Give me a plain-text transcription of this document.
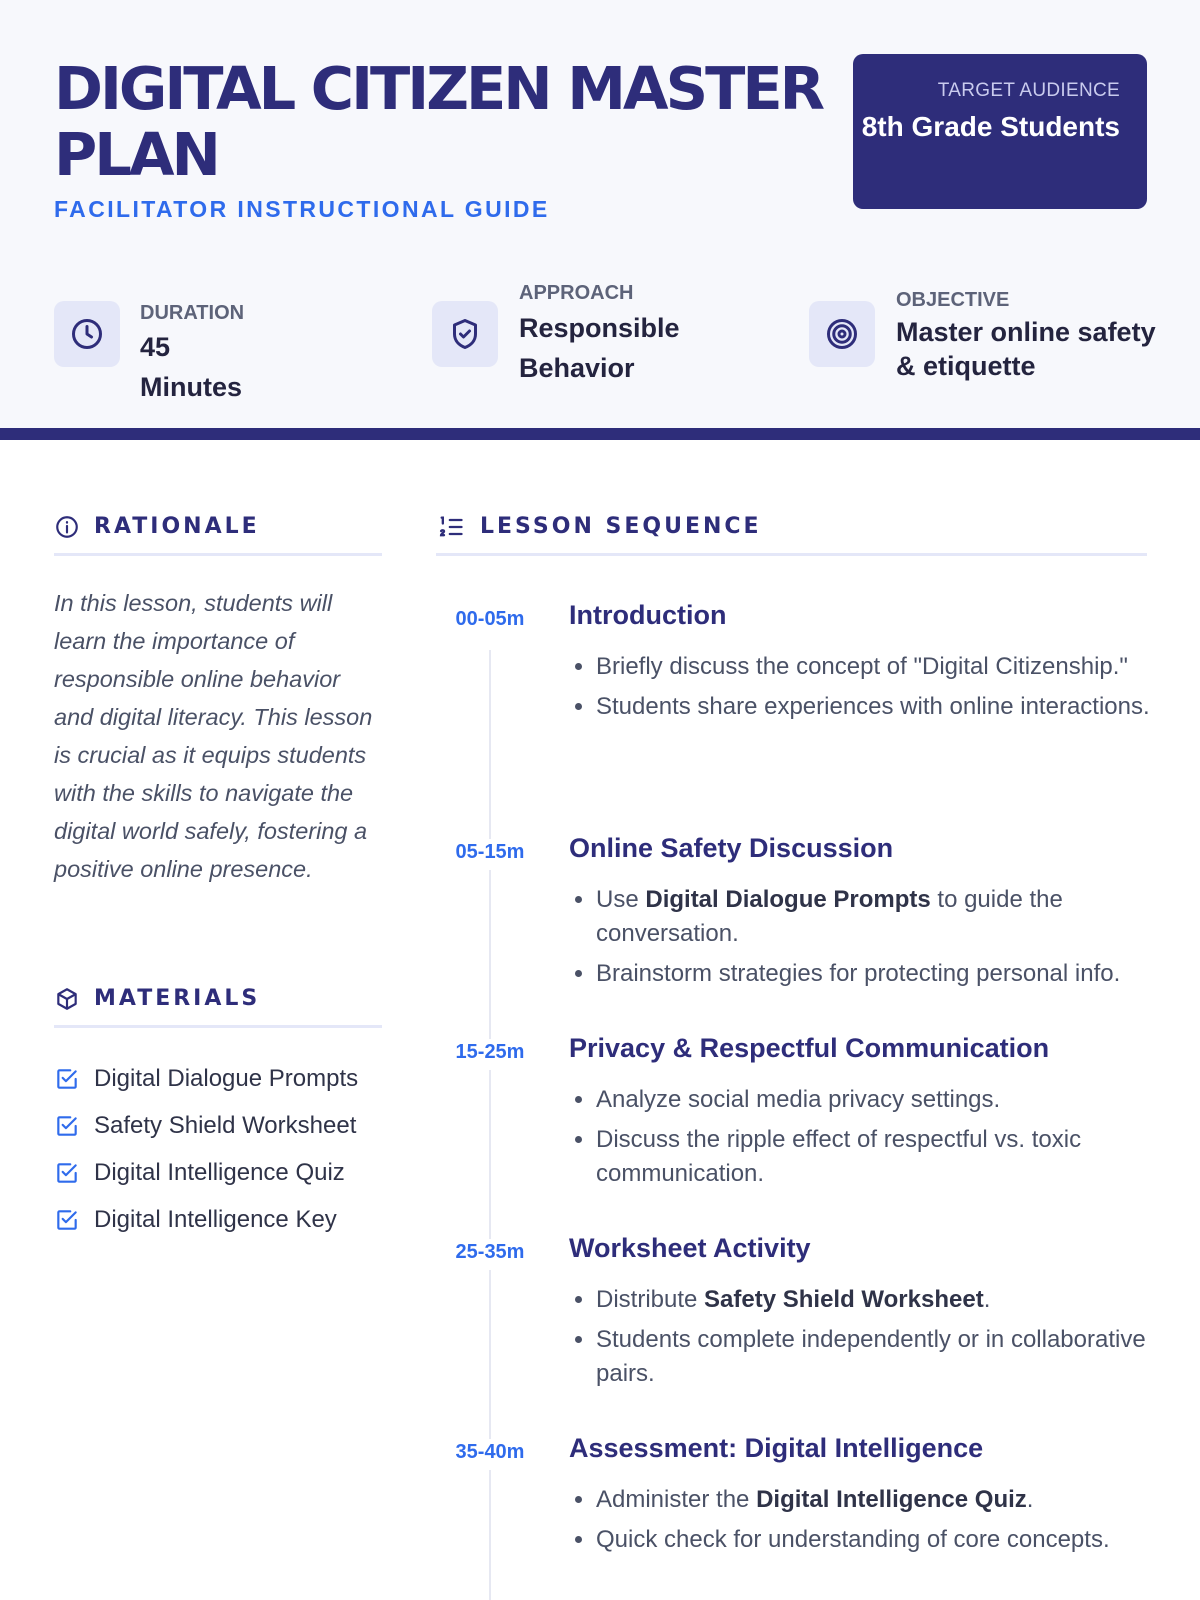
DIGITAL CITIZEN MASTER PLAN
FACILITATOR INSTRUCTIONAL GUIDE
TARGET AUDIENCE
8th Grade Students
DURATION
45 Minutes
APPROACH
Responsible Behavior
OBJECTIVE
Master online safety & etiquette
RATIONALE

In this lesson, students will learn the importance of responsible online behavior and digital literacy. This lesson is crucial as it equips students with the skills to navigate the digital world safely, fostering a positive online presence.

MATERIALS
Digital Dialogue Prompts
Safety Shield Worksheet
Digital Intelligence Quiz
Digital Intelligence Key
LESSON SEQUENCE
00-05m	Introduction
• Briefly discuss the concept of "Digital Citizenship."
• Students share experiences with online interactions.
05-15m	Online Safety Discussion
• Use Digital Dialogue Prompts to guide the conversation.
• Brainstorm strategies for protecting personal info.
15-25m	Privacy & Respectful Communication
• Analyze social media privacy settings.
• Discuss the ripple effect of respectful vs. toxic communication.
25-35m	Worksheet Activity
• Distribute Safety Shield Worksheet.
• Students complete independently or in collaborative pairs.
35-40m	Assessment: Digital Intelligence
• Administer the Digital Intelligence Quiz.
• Quick check for understanding of core concepts.
